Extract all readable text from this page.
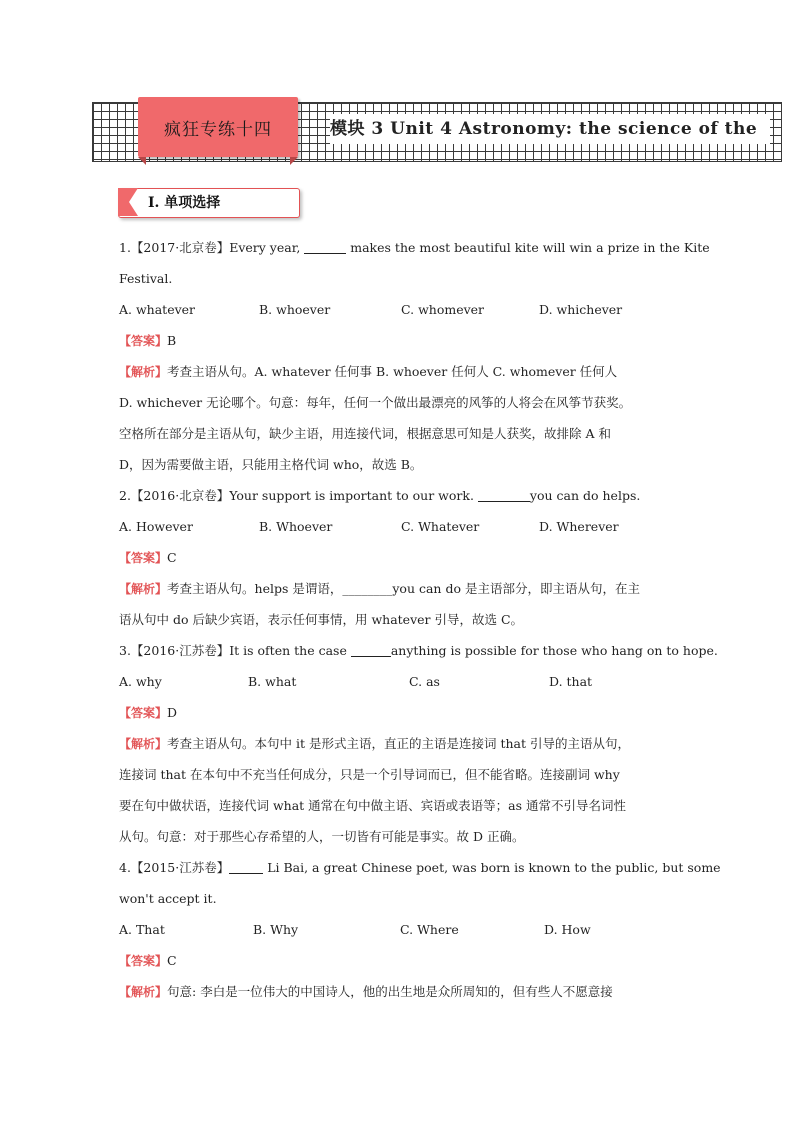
疯狂专练十四	模块 3 Unit 4 Astronomy: the science of the
Ⅰ. 单项选择
1.【2017·北京卷】Every year,	makes the most beautiful kite will win a prize in the Kite
Festival.
A. whatever	B. whoever	C. whomever	D. whichever
【答案】B
【解析】考查主语从句。A. whatever 任何事 B. whoever 任何人 C. whomever 任何人
D. whichever 无论哪个。句意：每年，任何一个做出最漂亮的风筝的人将会在风筝节获奖。
空格所在部分是主语从句，缺少主语，用连接代词，根据意思可知是人获奖，故排除 A 和
D，因为需要做主语，只能用主格代词 who，故选 B。
2.【2016·北京卷】Your support is important to our work.	you can do helps.
A. However	B. Whoever	C. Whatever	D. Wherever
【答案】C
【解析】考查主语从句。helps 是谓语，________you can do 是主语部分，即主语从句，在主
语从句中 do 后缺少宾语，表示任何事情，用 whatever 引导，故选 C。
3.【2016·江苏卷】It is often the case	anything is possible for those who hang on to hope.
A. why	B. what	C. as	D. that
【答案】D
【解析】考查主语从句。本句中 it 是形式主语，直正的主语是连接词 that 引导的主语从句，
连接词 that 在本句中不充当任何成分，只是一个引导词而已，但不能省略。连接副词 why
要在句中做状语，连接代词 what 通常在句中做主语、宾语或表语等；as 通常不引导名词性
从句。句意：对于那些心存希望的人，一切皆有可能是事实。故 D 正确。
4.【2015·江苏卷】	Li Bai, a great Chinese poet, was born is known to the public, but some
won't accept it.
A. That	B. Why	C. Where	D. How
【答案】C
【解析】句意: 李白是一位伟大的中国诗人，他的出生地是众所周知的，但有些人不愿意接
